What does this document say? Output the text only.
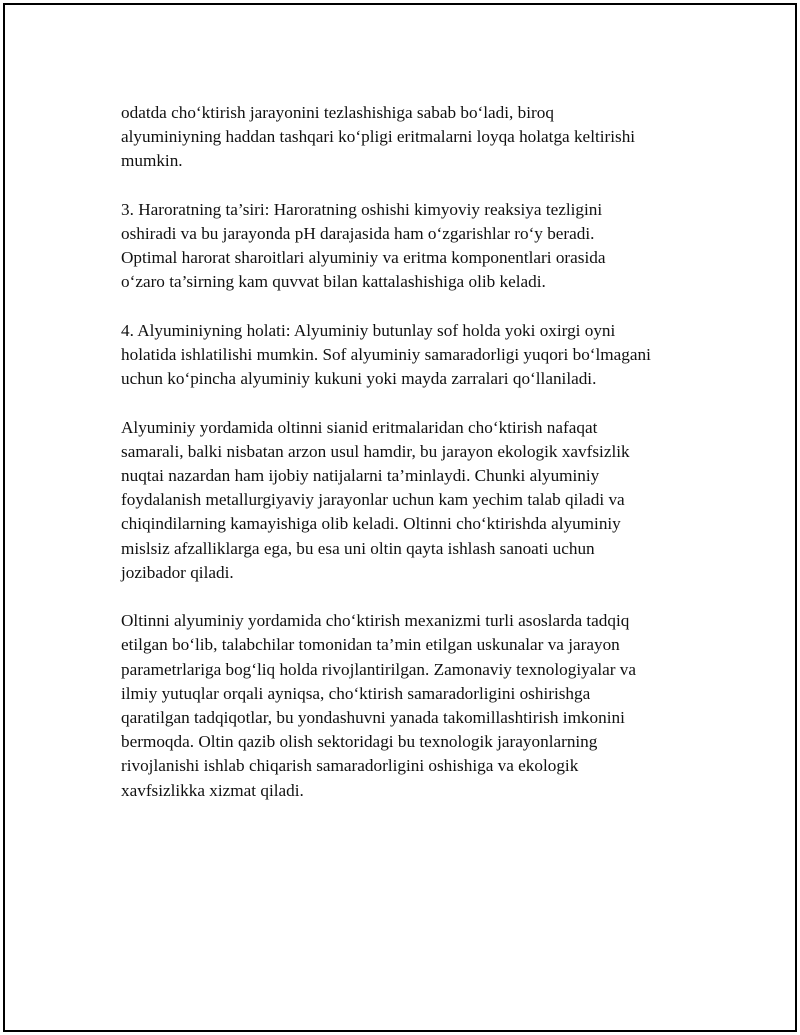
odatda cho‘ktirish jarayonini tezlashishiga sabab bo‘ladi, biroq
alyuminiyning haddan tashqari ko‘pligi eritmalarni loyqa holatga keltirishi
mumkin.

3. Haroratning ta’siri: Haroratning oshishi kimyoviy reaksiya tezligini
oshiradi va bu jarayonda pH darajasida ham o‘zgarishlar ro‘y beradi.
Optimal harorat sharoitlari alyuminiy va eritma komponentlari orasida
o‘zaro ta’sirning kam quvvat bilan kattalashishiga olib keladi.

4. Alyuminiyning holati: Alyuminiy butunlay sof holda yoki oxirgi oyni
holatida ishlatilishi mumkin. Sof alyuminiy samaradorligi yuqori bo‘lmagani
uchun ko‘pincha alyuminiy kukuni yoki mayda zarralari qo‘llaniladi.

Alyuminiy yordamida oltinni sianid eritmalaridan cho‘ktirish nafaqat
samarali, balki nisbatan arzon usul hamdir, bu jarayon ekologik xavfsizlik
nuqtai nazardan ham ijobiy natijalarni ta’minlaydi. Chunki alyuminiy
foydalanish metallurgiyaviy jarayonlar uchun kam yechim talab qiladi va
chiqindilarning kamayishiga olib keladi. Oltinni cho‘ktirishda alyuminiy
mislsiz afzalliklarga ega, bu esa uni oltin qayta ishlash sanoati uchun
jozibador qiladi.

Oltinni alyuminiy yordamida cho‘ktirish mexanizmi turli asoslarda tadqiq
etilgan bo‘lib, talabchilar tomonidan ta’min etilgan uskunalar va jarayon
parametrlariga bog‘liq holda rivojlantirilgan. Zamonaviy texnologiyalar va
ilmiy yutuqlar orqali ayniqsa, cho‘ktirish samaradorligini oshirishga
qaratilgan tadqiqotlar, bu yondashuvni yanada takomillashtirish imkonini
bermoqda. Oltin qazib olish sektoridagi bu texnologik jarayonlarning
rivojlanishi ishlab chiqarish samaradorligini oshishiga va ekologik
xavfsizlikka xizmat qiladi.
